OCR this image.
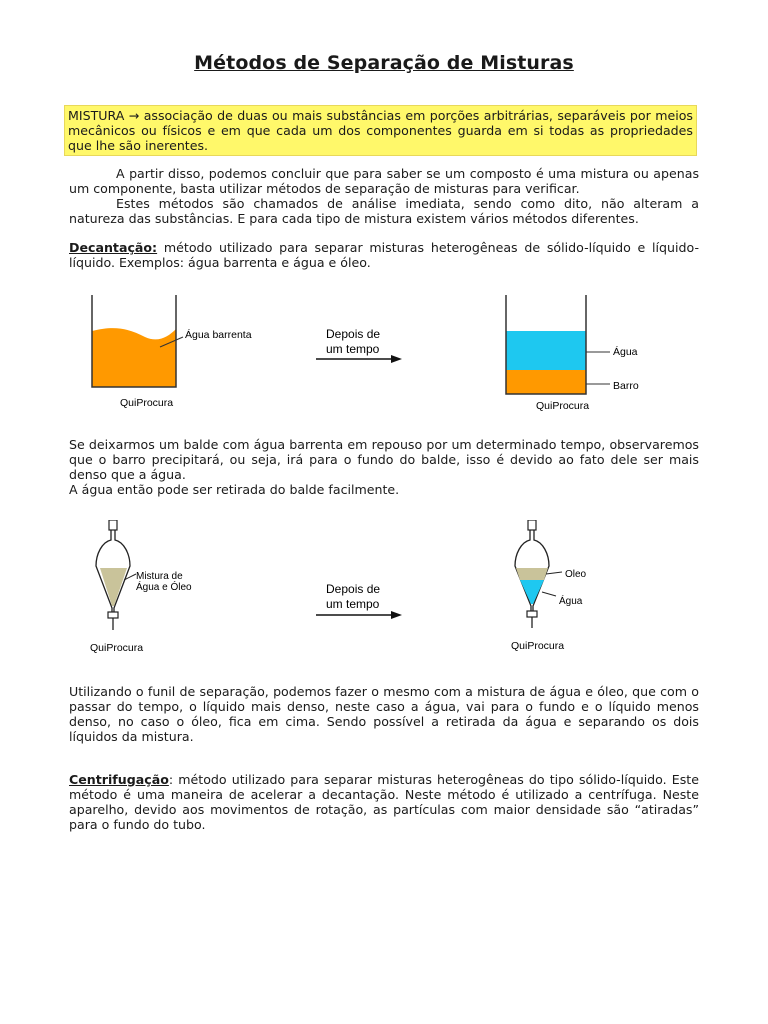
Métodos de Separação de Misturas
MISTURA → associação de duas ou mais substâncias em porções arbitrárias, separáveis por meios mecânicos ou físicos e em que cada um dos componentes guarda em si todas as propriedades que lhe são inerentes.

A partir disso, podemos concluir que para saber se um composto é uma mistura ou apenas um componente, basta utilizar métodos de separação de misturas para verificar.

Estes métodos são chamados de análise imediata, sendo como dito, não alteram a natureza das substâncias. E para cada tipo de mistura existem vários métodos diferentes.

Decantação: método utilizado para separar misturas heterogêneas de sólido-líquido e líquido-líquido. Exemplos: água barrenta e água e óleo.
Água barrenta
QuiProcura
Depois de
um tempo	Água
Barro
QuiProcura

Se deixarmos um balde com água barrenta em repouso por um determinado tempo, observaremos que o barro precipitará, ou seja, irá para o fundo do balde, isso é devido ao fato dele ser mais denso que a água.

A água então pode ser retirada do balde facilmente.

Mistura de
Água e Óleo
QuiProcura
Depois de
um tempo
Oleo
Água
QuiProcura
Utilizando o funil de separação, podemos fazer o mesmo com a mistura de água e óleo, que com o passar do tempo, o líquido mais denso, neste caso a água, vai para o fundo e o líquido menos denso, no caso o óleo, fica em cima. Sendo possível a retirada da água e separando os dois líquidos da mistura.
Centrifugação: método utilizado para separar misturas heterogêneas do tipo sólido-líquido. Este método é uma maneira de acelerar a decantação. Neste método é utilizado a centrífuga. Neste aparelho, devido aos movimentos de rotação, as partículas com maior densidade são “atiradas” para o fundo do tubo.
